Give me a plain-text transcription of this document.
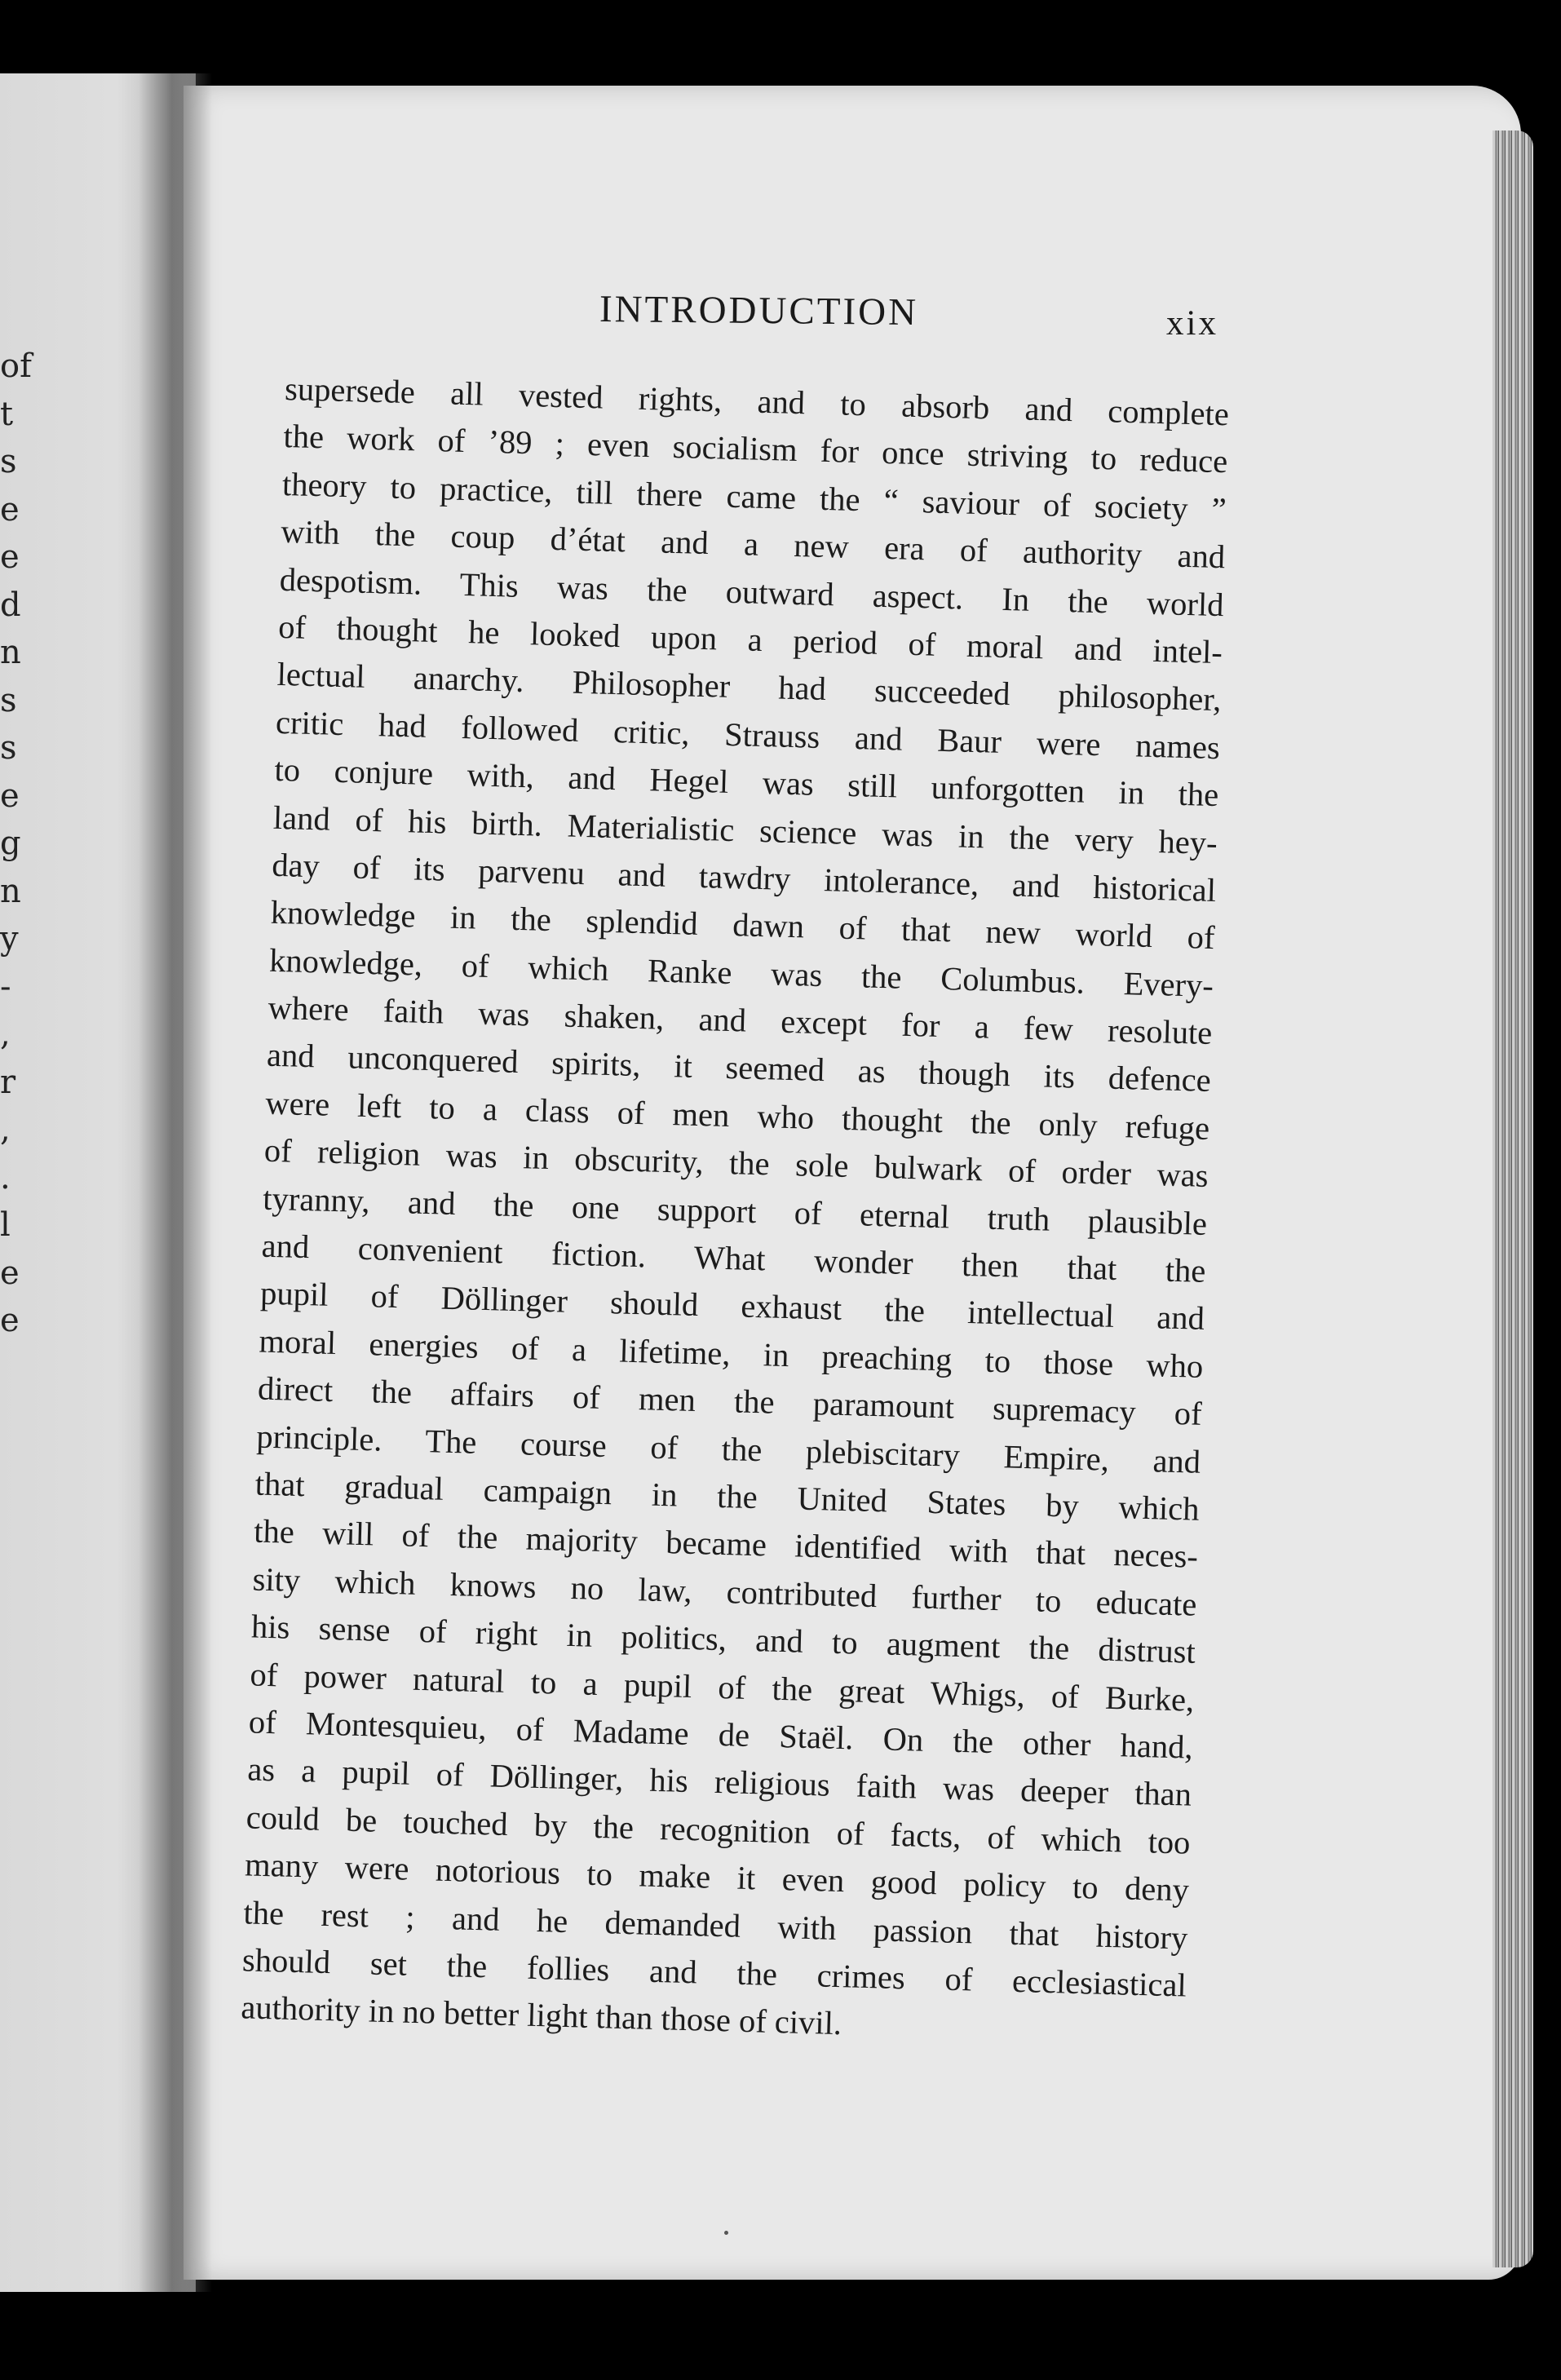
of
t
s
e
e
d
n
s
s
e
g
n
y
-
,
r
,
.
l
e
e
INTRODUCTION	xix
supersede all vested rights, and to absorb and complete
the work of ’89 ; even socialism for once striving to reduce
theory to practice, till there came the “ saviour of society ”
with the coup d’état and a new era of authority and
despotism. This was the outward aspect. In the world
of thought he looked upon a period of moral and intel-
lectual anarchy. Philosopher had succeeded philosopher,
critic had followed critic, Strauss and Baur were names
to conjure with, and Hegel was still unforgotten in the
land of his birth. Materialistic science was in the very hey-
day of its parvenu and tawdry intolerance, and historical
knowledge in the splendid dawn of that new world of
knowledge, of which Ranke was the Columbus. Every-
where faith was shaken, and except for a few resolute
and unconquered spirits, it seemed as though its defence
were left to a class of men who thought the only refuge
of religion was in obscurity, the sole bulwark of order was
tyranny, and the one support of eternal truth plausible
and convenient fiction. What wonder then that the
pupil of Döllinger should exhaust the intellectual and
moral energies of a lifetime, in preaching to those who
direct the affairs of men the paramount supremacy of
principle. The course of the plebiscitary Empire, and
that gradual campaign in the United States by which
the will of the majority became identified with that neces-
sity which knows no law, contributed further to educate
his sense of right in politics, and to augment the distrust
of power natural to a pupil of the great Whigs, of Burke,
of Montesquieu, of Madame de Staël. On the other hand,
as a pupil of Döllinger, his religious faith was deeper than
could be touched by the recognition of facts, of which too
many were notorious to make it even good policy to deny
the rest ; and he demanded with passion that history
should set the follies and the crimes of ecclesiastical
authority in no better light than those of civil.
